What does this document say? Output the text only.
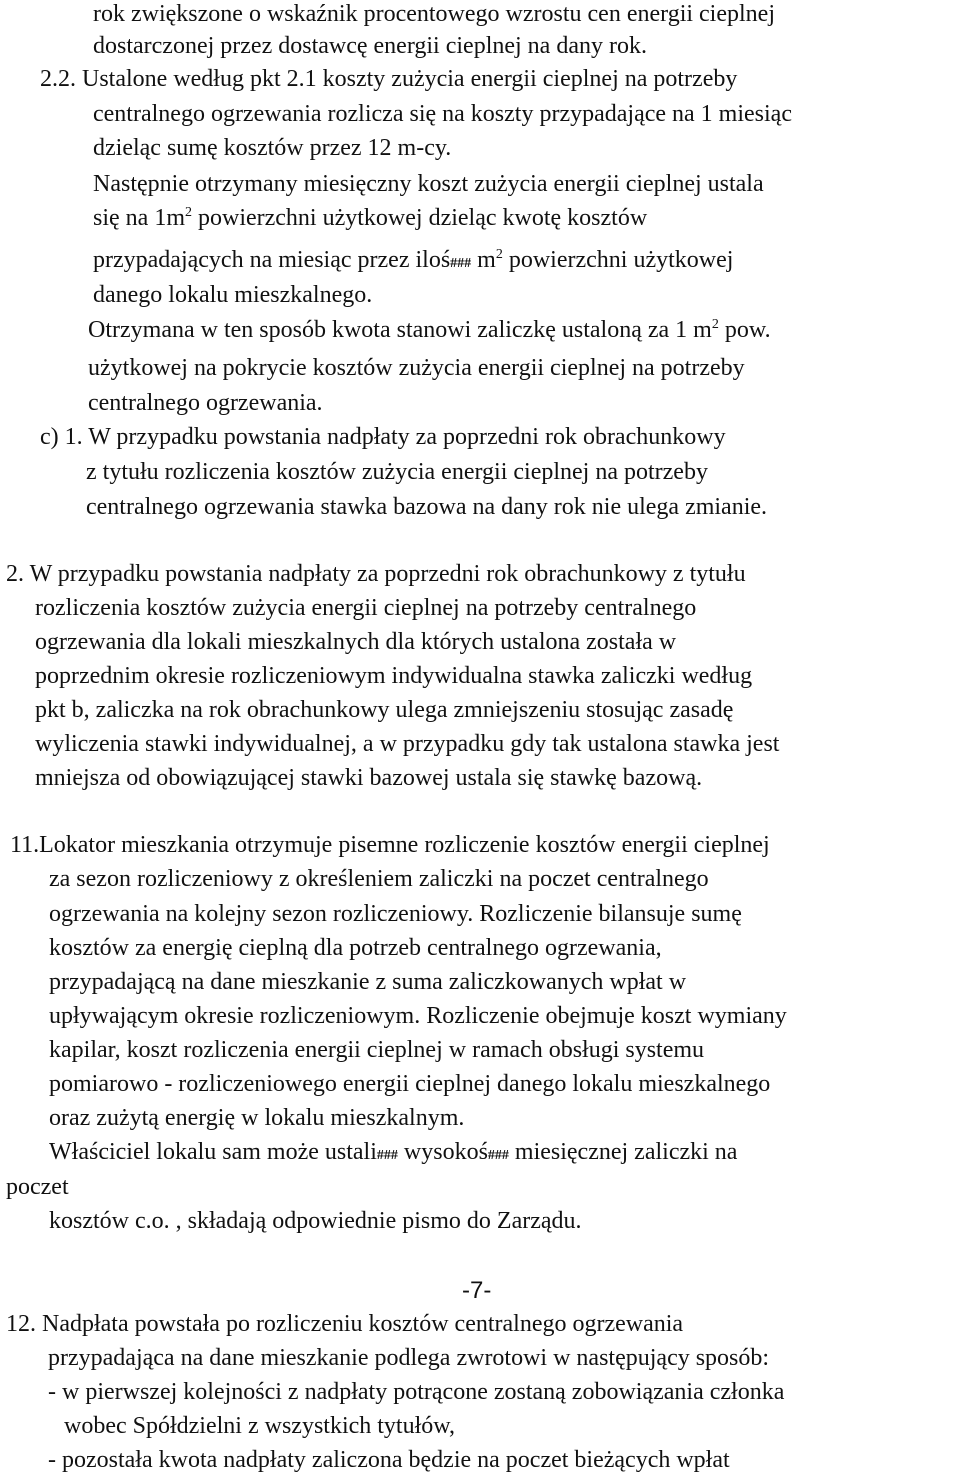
rok zwiększone o wskaźnik procentowego wzrostu cen energii cieplnej

dostarczonej przez dostawcę energii cieplnej na dany rok.

2.2. Ustalone według pkt 2.1 koszty zużycia energii cieplnej na potrzeby

centralnego ogrzewania rozlicza się na koszty przypadające na 1 miesiąc

dzieląc sumę kosztów przez 12 m-cy.

Następnie otrzymany miesięczny koszt zużycia energii cieplnej ustala

się na $1m^2$ powierzchni użytkowej dzieląc kwotę kosztów

przypadających na miesiąc przez iloś### $m^2$ powierzchni użytkowej

danego lokalu mieszkalnego.

Otrzymana w ten sposób kwota stanowi zaliczkę ustaloną za 1 $m^2$ pow.

użytkowej na pokrycie kosztów zużycia energii cieplnej na potrzeby

centralnego ogrzewania.

c) 1. W przypadku powstania nadpłaty za poprzedni rok obrachunkowy

z tytułu rozliczenia kosztów zużycia energii cieplnej na potrzeby

centralnego ogrzewania stawka bazowa na dany rok nie ulega zmianie.

2. W przypadku powstania nadpłaty za poprzedni rok obrachunkowy z tytułu

rozliczenia kosztów zużycia energii cieplnej na potrzeby centralnego

ogrzewania dla lokali mieszkalnych dla których ustalona została w

poprzednim okresie rozliczeniowym indywidualna stawka zaliczki według

pkt b, zaliczka na rok obrachunkowy ulega zmniejszeniu stosując zasadę

wyliczenia stawki indywidualnej, a w przypadku gdy tak ustalona stawka jest

mniejsza od obowiązującej stawki bazowej ustala się stawkę bazową.

11.Lokator mieszkania otrzymuje pisemne rozliczenie kosztów energii cieplnej

za sezon rozliczeniowy z określeniem zaliczki na poczet centralnego

ogrzewania na kolejny sezon rozliczeniowy. Rozliczenie bilansuje sumę

kosztów za energię cieplną dla potrzeb centralnego ogrzewania,

przypadającą na dane mieszkanie z suma zaliczkowanych wpłat w

upływającym okresie rozliczeniowym. Rozliczenie obejmuje koszt wymiany

kapilar, koszt rozliczenia energii cieplnej w ramach obsługi systemu

pomiarowo - rozliczeniowego energii cieplnej danego lokalu mieszkalnego

oraz zużytą energię w lokalu mieszkalnym.

Właściciel lokalu sam może ustali### wysokoś### miesięcznej zaliczki na

poczet

kosztów c.o. , składają odpowiednie pismo do Zarządu.

-7-

12. Nadpłata powstała po rozliczeniu kosztów centralnego ogrzewania

przypadająca na dane mieszkanie podlega zwrotowi w następujący sposób:

- w pierwszej kolejności z nadpłaty potrącone zostaną zobowiązania członka

wobec Spółdzielni z wszystkich tytułów,

- pozostała kwota nadpłaty zaliczona będzie na poczet bieżących wpłat
